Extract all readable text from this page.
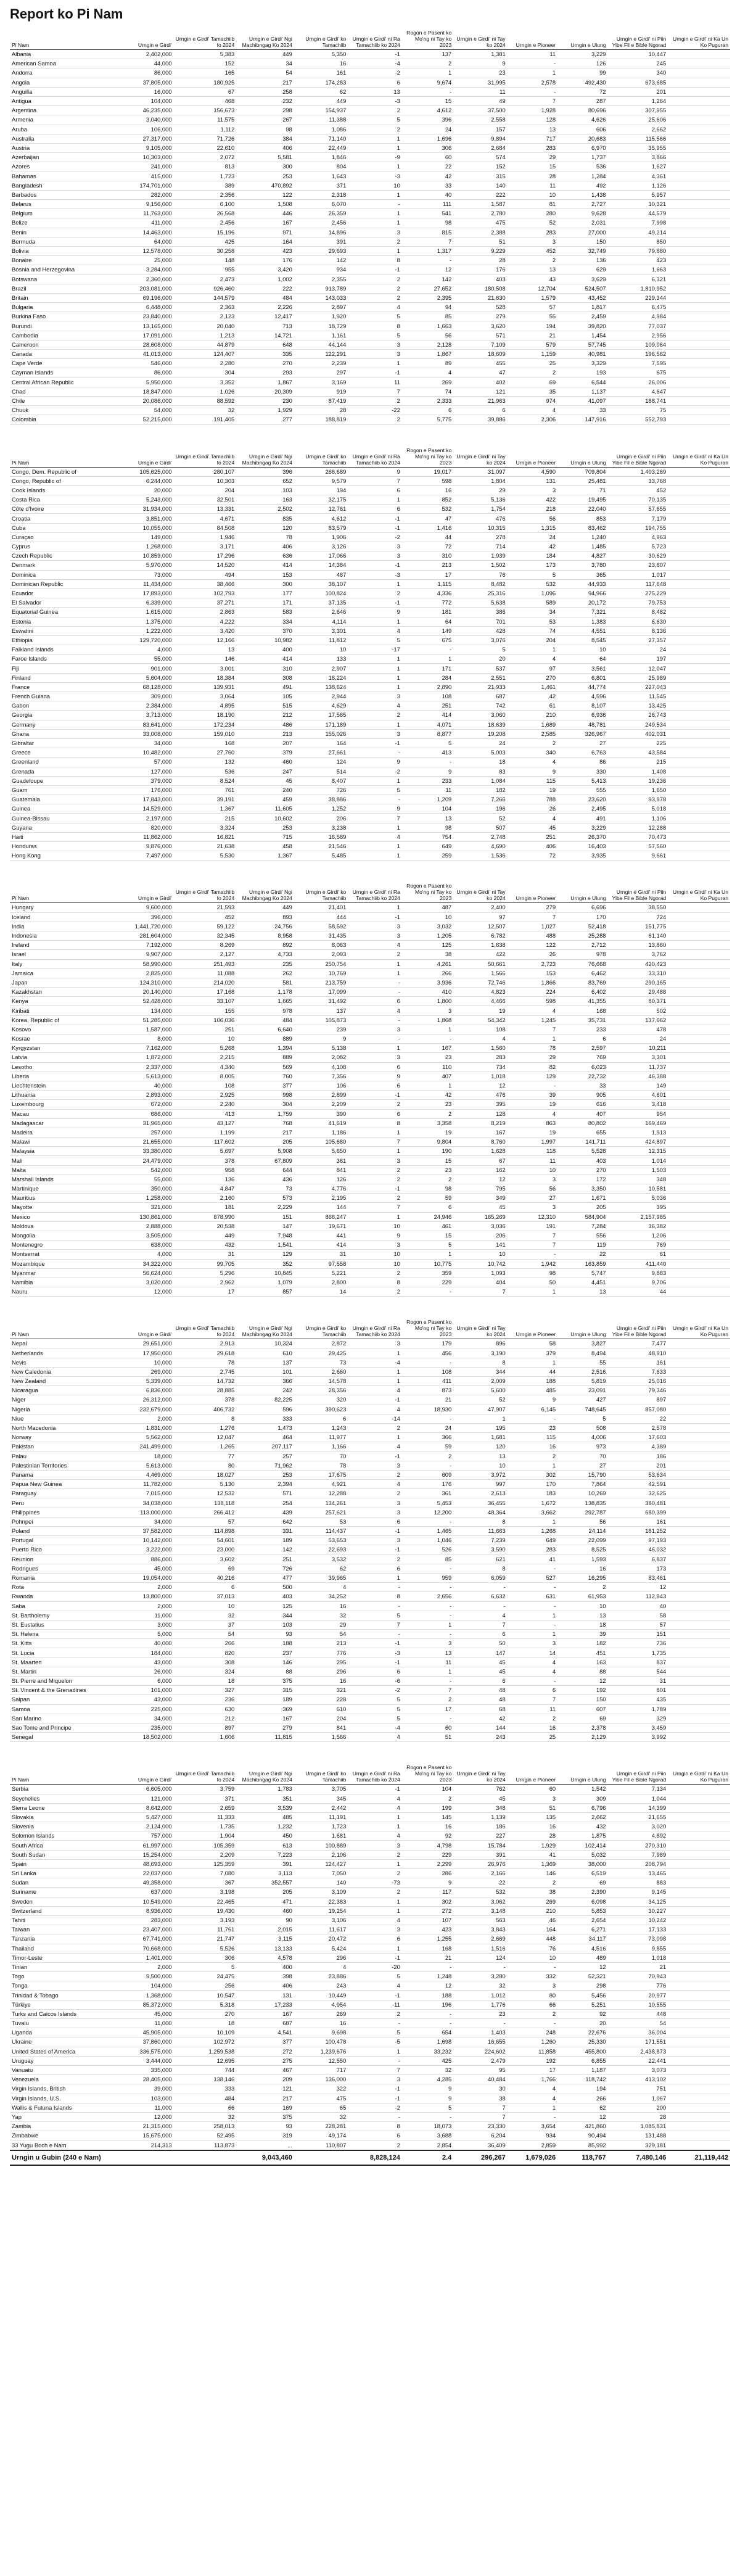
Report ko Pi Nam
Pi Nam	Urngin e Girdi'	Urngin e Girdi' Tamachiib fo 2024	Urngin e Girdi' Ngi Machibngag Ko 2024	Urngin e Girdi' ko Tamachiib	Urngin e Girdi' ni Ra Tamachiib ko 2024	Rogon e Pasent ko Mo'ng ni Tay ko 2023	Urngin e Girdi' ni Tay ko 2024	Urngin e Pioneer	Urngin e Ulung	Urngin e Girdi' ni Piin Yibe Fil e Bible Ngorad	Urngin e Girdi' ni Ka Un Ko Puguran
Albania	2,402,000	5,383	449	5,350	-1	137	1,381	11	3,229	10,447	
American Samoa	44,000	152	34	16	-4	2	9	-	126	245	
Andorra	86,000	165	54	161	-2	1	23	1	99	340	
Angola	37,805,000	180,925	217	174,283	6	9,674	31,995	2,578	492,430	673,685	
Anguilla	16,000	67	258	62	13	-	11	-	72	201	
Antigua	104,000	468	232	449	-3	15	49	7	287	1,264	
Argentina	46,235,000	156,673	298	154,937	2	4,612	37,500	1,928	80,696	307,955	
Armenia	3,040,000	11,575	267	11,388	5	396	2,558	128	4,626	25,606	
Aruba	106,000	1,112	98	1,086	2	24	157	13	606	2,662	
Australia	27,317,000	71,726	384	71,140	1	1,696	9,894	717	20,683	115,566	
Austria	9,105,000	22,610	406	22,449	1	306	2,684	283	6,970	35,955	
Azerbaijan	10,303,000	2,072	5,581	1,846	-9	60	574	29	1,737	3,866	
Azores	241,000	813	300	804	1	22	152	15	536	1,627	
Bahamas	415,000	1,723	253	1,643	-3	42	315	28	1,284	4,361	
Bangladesh	174,701,000	389	470,892	371	10	33	140	11	492	1,126	
Barbados	282,000	2,356	122	2,318	1	40	222	10	1,438	5,957	
Belarus	9,156,000	6,100	1,508	6,070	-	111	1,587	81	2,727	10,321	
Belgium	11,763,000	26,568	446	26,359	1	541	2,780	280	9,628	44,579	
Belize	411,000	2,456	167	2,456	1	98	475	52	2,031	7,998	
Benin	14,463,000	15,196	971	14,896	3	815	2,388	283	27,000	49,214	
Bermuda	64,000	425	164	391	2	7	51	3	150	850	
Bolivia	12,578,000	30,258	423	29,693	1	1,317	9,229	452	32,749	79,880	
Bonaire	25,000	148	176	142	8	-	28	2	136	423	
Bosnia and Herzegovina	3,284,000	955	3,420	934	-1	12	176	13	629	1,663	
Botswana	2,360,000	2,473	1,002	2,355	2	142	403	43	3,629	6,321	
Brazil	203,081,000	926,460	222	913,789	2	27,652	180,508	12,704	524,507	1,810,952	
Britain	69,196,000	144,579	484	143,033	2	2,395	21,630	1,579	43,452	229,344	
Bulgaria	6,448,000	2,363	2,226	2,897	4	94	528	57	1,817	6,475	
Burkina Faso	23,840,000	2,123	12,417	1,920	5	85	279	55	2,459	4,984	
Burundi	13,165,000	20,040	713	18,729	8	1,663	3,620	194	39,820	77,037	
Cambodia	17,091,000	1,213	14,721	1,161	5	56	571	21	1,454	2,956	
Cameroon	28,608,000	44,879	648	44,144	3	2,128	7,109	579	57,745	109,064	
Canada	41,013,000	124,407	335	122,291	3	1,867	18,609	1,159	40,981	196,562	
Cape Verde	546,000	2,280	270	2,239	1	89	455	25	3,329	7,595	
Cayman Islands	86,000	304	293	297	-1	4	47	2	193	675	
Central African Republic	5,950,000	3,352	1,867	3,169	11	269	402	69	6,544	26,006	
Chad	18,847,000	1,026	20,309	919	7	74	121	35	1,137	4,647	
Chile	20,086,000	88,592	230	87,419	2	2,333	21,963	974	41,097	188,741	
Chuuk	54,000	32	1,929	28	-22	6	6	4	33	75	
Colombia	52,215,000	191,405	277	188,819	2	5,775	39,886	2,306	147,916	552,793	

Pi Nam	Urngin e Girdi'	Urngin e Girdi' Tamachiib fo 2024	Urngin e Girdi' Ngi Machibngag Ko 2024	Urngin e Girdi' ko Tamachiib	Urngin e Girdi' ni Ra Tamachiib ko 2024	Rogon e Pasent ko Mo'ng ni Tay ko 2023	Urngin e Girdi' ni Tay ko 2024	Urngin e Pioneer	Urngin e Ulung	Urngin e Girdi' ni Piin Yibe Fil e Bible Ngorad	Urngin e Girdi' ni Ka Un Ko Puguran
Congo, Dem. Republic of	105,625,000	280,107	396	266,689	9	19,017	31,097	4,590	709,804	1,403,269	
Congo, Republic of	6,244,000	10,303	652	9,579	7	598	1,804	131	25,481	33,768	
Cook Islands	20,000	204	103	194	6	16	29	3	71	452	
Costa Rica	5,243,000	32,501	163	32,175	1	852	5,136	422	19,495	70,135	
Côte d'Ivoire	31,934,000	13,331	2,502	12,761	6	532	1,754	218	22,040	57,655	
Croatia	3,851,000	4,671	835	4,612	-1	47	476	56	853	7,179	
Cuba	10,055,000	84,508	120	83,579	-1	1,416	10,315	1,315	83,462	194,755	
Curaçao	149,000	1,946	78	1,906	-2	44	278	24	1,240	4,963	
Cyprus	1,268,000	3,171	406	3,126	3	72	714	42	1,485	5,723	
Czech Republic	10,859,000	17,296	636	17,066	3	310	1,939	184	4,827	30,629	
Denmark	5,970,000	14,520	414	14,384	-1	213	1,502	173	3,780	23,607	
Dominica	73,000	494	153	487	-3	17	76	5	365	1,017	
Dominican Republic	11,434,000	38,466	300	38,107	1	1,115	8,482	532	44,933	117,648	
Ecuador	17,893,000	102,793	177	100,824	2	4,336	25,316	1,096	94,966	275,229	
El Salvador	6,339,000	37,271	171	37,135	-1	772	5,638	589	20,172	79,753	
Equatorial Guinea	1,615,000	2,863	583	2,646	9	181	386	34	7,321	8,482	
Estonia	1,375,000	4,222	334	4,114	1	64	701	53	1,383	6,630	
Eswatini	1,222,000	3,420	370	3,301	4	149	428	74	4,551	8,136	
Ethiopia	129,720,000	12,166	10,982	11,812	5	675	3,076	204	8,545	27,357	
Falkland Islands	4,000	13	400	10	-17	-	5	1	10	24	
Faroe Islands	55,000	146	414	133	1	1	20	4	64	197	
Fiji	901,000	3,001	310	2,907	1	171	537	97	3,561	12,047	
Finland	5,604,000	18,384	308	18,224	1	284	2,551	270	6,801	25,989	
France	68,128,000	139,931	491	138,624	1	2,890	21,933	1,461	44,774	227,043	
French Guiana	309,000	3,064	105	2,944	3	108	687	42	4,596	11,545	
Gabon	2,384,000	4,895	515	4,629	4	251	742	61	8,107	13,425	
Georgia	3,713,000	18,190	212	17,565	2	414	3,060	210	6,936	26,743	
Germany	83,641,000	172,234	486	171,189	1	4,071	18,639	1,689	48,781	249,534	
Ghana	33,008,000	159,010	213	155,026	3	8,877	19,208	2,585	326,967	402,031	
Gibraltar	34,000	168	207	164	-1	5	24	2	27	225	
Greece	10,482,000	27,760	379	27,661	-	413	5,003	340	6,763	43,584	
Greenland	57,000	132	460	124	9	-	18	4	86	215	
Grenada	127,000	536	247	514	-2	9	83	9	330	1,408	
Guadeloupe	379,000	8,524	45	8,407	1	233	1,084	115	5,413	19,236	
Guam	176,000	761	240	726	5	11	182	19	555	1,650	
Guatemala	17,843,000	39,191	459	38,886	-	1,209	7,266	788	23,620	93,978	
Guinea	14,529,000	1,367	11,605	1,252	9	104	196	26	2,495	5,018	
Guinea-Bissau	2,197,000	215	10,602	206	7	13	52	4	491	1,106	
Guyana	820,000	3,324	253	3,238	1	98	507	45	3,229	12,288	
Haiti	11,862,000	16,821	715	16,589	4	754	2,748	251	26,370	70,473	
Honduras	9,876,000	21,638	458	21,546	1	649	4,690	406	16,403	57,560	
Hong Kong	7,497,000	5,530	1,367	5,485	1	259	1,536	72	3,935	9,661	

Pi Nam	Urngin e Girdi'	Urngin e Girdi' Tamachiib fo 2024	Urngin e Girdi' Ngi Machibngag Ko 2024	Urngin e Girdi' ko Tamachiib	Urngin e Girdi' ni Ra Tamachiib ko 2024	Rogon e Pasent ko Mo'ng ni Tay ko 2023	Urngin e Girdi' ni Tay ko 2024	Urngin e Pioneer	Urngin e Ulung	Urngin e Girdi' ni Piin Yibe Fil e Bible Ngorad	Urngin e Girdi' ni Ka Un Ko Puguran
Hungary	9,600,000	21,593	449	21,401	1	487	2,400	279	6,696	38,550	
Iceland	396,000	452	893	444	-1	10	97	7	170	724	
India	1,441,720,000	59,122	24,756	58,592	3	3,032	12,507	1,027	52,418	151,775	
Indonesia	281,604,000	32,345	8,958	31,435	3	1,205	6,782	488	25,288	61,140	
Ireland	7,192,000	8,269	892	8,063	4	125	1,638	122	2,712	13,860	
Israel	9,907,000	2,127	4,733	2,093	2	38	422	26	978	3,762	
Italy	58,990,000	251,493	235	250,754	1	4,261	50,661	2,723	76,668	420,423	
Jamaica	2,825,000	11,088	262	10,769	1	266	1,566	153	6,462	33,310	
Japan	124,310,000	214,020	581	213,759	-	3,936	72,746	1,866	83,769	290,165	
Kazakhstan	20,140,000	17,168	1,178	17,099	-	410	4,823	224	6,402	29,488	
Kenya	52,428,000	33,107	1,665	31,492	6	1,800	4,466	598	41,355	80,371	
Kiribati	134,000	155	978	137	4	3	19	4	168	502	
Korea, Republic of	51,285,000	106,036	484	105,873	-	1,868	54,342	1,245	35,731	137,662	
Kosovo	1,587,000	251	6,640	239	3	1	108	7	233	478	
Kosrae	8,000	10	889	9	-	-	4	1	6	24	
Kyrgyzstan	7,162,000	5,268	1,394	5,138	1	167	1,560	78	2,597	10,211	
Latvia	1,872,000	2,215	889	2,082	3	23	283	29	769	3,301	
Lesotho	2,337,000	4,340	569	4,108	6	110	734	82	6,023	11,737	
Liberia	5,613,000	8,005	760	7,356	9	407	1,018	129	22,732	46,388	
Liechtenstein	40,000	108	377	106	6	1	12	-	33	149	
Lithuania	2,893,000	2,925	998	2,899	-1	42	476	39	905	4,601	
Luxembourg	672,000	2,240	304	2,209	2	23	395	19	616	3,418	
Macau	686,000	413	1,759	390	6	2	128	4	407	954	
Madagascar	31,965,000	43,127	768	41,619	8	3,358	8,219	863	80,802	169,469	
Madeira	257,000	1,199	217	1,186	1	19	167	19	655	1,913	
Malawi	21,655,000	117,602	205	105,680	7	9,804	8,760	1,997	141,711	424,897	
Malaysia	33,380,000	5,697	5,908	5,650	1	190	1,628	118	5,528	12,315	
Mali	24,479,000	378	67,809	361	3	15	67	11	403	1,014	
Malta	542,000	958	644	841	2	23	162	10	270	1,503	
Marshall Islands	55,000	136	436	126	2	2	12	3	172	348	
Martinique	350,000	4,847	73	4,776	-1	98	795	56	3,350	10,581	
Mauritius	1,258,000	2,160	573	2,195	2	59	349	27	1,671	5,036	
Mayotte	321,000	181	2,229	144	7	6	45	3	205	395	
Mexico	130,861,000	878,990	151	866,247	1	24,946	165,269	12,310	584,904	2,157,985	
Moldova	2,888,000	20,538	147	19,671	10	461	3,036	191	7,284	36,382	
Mongolia	3,505,000	449	7,948	441	9	15	206	7	556	1,206	
Montenegro	638,000	432	1,541	414	3	5	141	7	119	769	
Montserrat	4,000	31	129	31	10	1	10	-	22	61	
Mozambique	34,322,000	99,705	352	97,558	10	10,775	10,742	1,942	163,859	411,440	
Myanmar	56,624,000	5,296	10,845	5,221	2	359	1,093	98	5,747	9,883	
Namibia	3,020,000	2,962	1,079	2,800	8	229	404	50	4,451	9,706	
Nauru	12,000	17	857	14	2	-	7	1	13	44	

Pi Nam	Urngin e Girdi'	Urngin e Girdi' Tamachiib fo 2024	Urngin e Girdi' Ngi Machibngag Ko 2024	Urngin e Girdi' ko Tamachiib	Urngin e Girdi' ni Ra Tamachiib ko 2024	Rogon e Pasent ko Mo'ng ni Tay ko 2023	Urngin e Girdi' ni Tay ko 2024	Urngin e Pioneer	Urngin e Ulung	Urngin e Girdi' ni Piin Yibe Fil e Bible Ngorad	Urngin e Girdi' ni Ka Un Ko Puguran
Nepal	29,651,000	2,913	10,324	2,872	3	179	896	58	3,827	7,477	
Netherlands	17,950,000	29,618	610	29,425	1	456	3,190	379	8,494	48,910	
Nevis	10,000	78	137	73	-4	-	8	1	55	161	
New Caledonia	269,000	2,745	101	2,660	1	108	344	44	2,516	7,633	
New Zealand	5,339,000	14,732	366	14,578	1	411	2,009	188	5,819	25,016	
Nicaragua	6,836,000	28,885	242	28,356	4	873	5,600	485	23,091	79,346	
Niger	26,312,000	378	82,225	320	-1	21	52	9	427	897	
Nigeria	232,679,000	406,732	596	390,623	4	18,930	47,907	6,145	748,645	857,080	
Niue	2,000	8	333	6	-14	-	1	-	5	22	
North Macedonia	1,831,000	1,276	1,473	1,243	2	24	195	23	508	2,578	
Norway	5,562,000	12,047	464	11,977	1	366	1,681	115	4,006	17,603	
Pakistan	241,499,000	1,265	207,117	1,166	4	59	120	16	973	4,389	
Palau	18,000	77	257	70	-1	2	13	2	70	186	
Palestinian Territories	5,613,000	80	71,962	78	3	-	10	1	27	201	
Panama	4,469,000	18,027	253	17,675	2	609	3,972	302	15,790	53,634	
Papua New Guinea	11,782,000	5,130	2,394	4,921	4	176	997	170	7,864	42,591	
Paraguay	7,015,000	12,532	571	12,288	2	361	2,613	183	10,269	32,625	
Peru	34,038,000	138,118	254	134,261	3	5,453	36,455	1,672	138,835	380,481	
Philippines	113,000,000	266,412	439	257,621	3	12,200	48,364	3,662	292,787	680,399	
Pohnpei	34,000	57	642	53	6	-	8	1	56	161	
Poland	37,582,000	114,898	331	114,437	-1	1,465	11,663	1,268	24,114	181,252	
Portugal	10,142,000	54,601	189	53,653	3	1,046	7,239	649	22,099	97,193	
Puerto Rico	3,222,000	23,000	142	22,693	-1	526	3,590	283	8,525	46,032	
Reunion	886,000	3,602	251	3,532	2	85	621	41	1,593	6,837	
Rodrigues	45,000	69	726	62	6	-	8	-	16	173	
Romania	19,054,000	40,216	477	39,965	1	959	6,059	527	16,295	83,461	
Rota	2,000	6	500	4	-	-	-	-	2	12	
Rwanda	13,800,000	37,013	403	34,252	8	2,656	6,632	631	61,953	112,843	
Saba	2,000	10	125	16	-	-	-	-	10	40	
St. Bartholemy	11,000	32	344	32	5	-	4	1	13	58	
St. Eustatius	3,000	37	103	29	7	1	7	-	18	57	
St. Helena	5,000	54	93	54	-	-	6	1	39	151	
St. Kitts	40,000	266	188	213	-1	3	50	3	182	736	
St. Lucia	184,000	820	237	776	-3	13	147	14	451	1,735	
St. Maarten	43,000	308	146	295	-1	11	45	4	163	837	
St. Martin	26,000	324	88	296	6	1	45	4	88	544	
St. Pierre and Miquelon	6,000	18	375	16	-6	-	6	-	12	31	
St. Vincent & the Grenadines	101,000	327	315	321	-2	7	48	6	192	801	
Saipan	43,000	236	189	228	5	2	48	7	150	435	
Samoa	225,000	630	369	610	5	17	68	11	607	1,789	
San Marino	34,000	212	167	204	5	-	42	2	69	329	
Sao Tome and Principe	235,000	897	279	841	-4	60	144	16	2,378	3,459	
Senegal	18,502,000	1,606	11,815	1,566	4	51	243	25	2,129	3,992	

Pi Nam	Urngin e Girdi'	Urngin e Girdi' Tamachiib fo 2024	Urngin e Girdi' Ngi Machibngag Ko 2024	Urngin e Girdi' ko Tamachiib	Urngin e Girdi' ni Ra Tamachiib ko 2024	Rogon e Pasent ko Mo'ng ni Tay ko 2023	Urngin e Girdi' ni Tay ko 2024	Urngin e Pioneer	Urngin e Ulung	Urngin e Girdi' ni Piin Yibe Fil e Bible Ngorad	Urngin e Girdi' ni Ka Un Ko Puguran
Serbia	6,605,000	3,759	1,783	3,705	-1	104	762	60	1,542	7,134	
Seychelles	121,000	371	351	345	4	2	45	3	309	1,044	
Sierra Leone	8,642,000	2,659	3,539	2,442	4	199	348	51	6,796	14,399	
Slovakia	5,427,000	11,333	485	11,191	1	145	1,139	135	2,662	21,655	
Slovenia	2,124,000	1,735	1,232	1,723	1	16	186	16	432	3,020	
Solomon Islands	757,000	1,904	450	1,681	4	92	227	28	1,875	4,892	
South Africa	61,997,000	105,359	613	100,889	3	4,798	15,784	1,929	102,414	270,310	
South Sudan	15,254,000	2,209	7,223	2,106	2	229	391	41	5,032	7,989	
Spain	48,693,000	125,359	391	124,427	1	2,299	26,976	1,369	38,000	208,794	
Sri Lanka	22,037,000	7,080	3,113	7,050	2	286	2,166	146	6,519	13,465	
Sudan	49,358,000	367	352,557	140	-73	9	22	2	69	883	
Suriname	637,000	3,198	205	3,109	2	117	532	38	2,390	9,145	
Sweden	10,549,000	22,465	471	22,383	1	302	3,062	269	6,098	34,125	
Switzerland	8,936,000	19,430	460	19,254	1	272	3,148	210	5,853	30,227	
Tahiti	283,000	3,193	90	3,106	4	107	563	46	2,654	10,242	
Taiwan	23,407,000	11,761	2,015	11,617	3	423	3,843	164	6,271	17,133	
Tanzania	67,741,000	21,747	3,115	20,472	6	1,255	2,669	448	34,117	73,098	
Thailand	70,668,000	5,526	13,133	5,424	1	168	1,516	76	4,516	9,855	
Timor-Leste	1,401,000	306	4,578	296	-1	21	124	10	489	1,018	
Tinian	2,000	5	400	4	-20	-	-	-	12	21	
Togo	9,500,000	24,475	398	23,886	5	1,248	3,280	332	52,321	70,943	
Tonga	104,000	256	406	243	4	12	32	3	298	776	
Trinidad & Tobago	1,368,000	10,547	131	10,449	-1	188	1,012	80	5,456	20,977	
Türkiye	85,372,000	5,318	17,233	4,954	-11	196	1,776	66	5,251	10,555	
Turks and Caicos Islands	45,000	270	167	269	2	-	23	2	92	448	
Tuvalu	11,000	18	687	16	-	-	-	-	20	54	
Uganda	45,905,000	10,109	4,541	9,698	5	654	1,403	248	22,676	36,004	
Ukraine	37,860,000	102,972	377	100,478	-5	1,698	16,655	1,260	25,330	171,551	
United States of America	336,575,000	1,259,538	272	1,239,676	1	33,232	224,602	11,858	455,800	2,438,873	
Uruguay	3,444,000	12,695	275	12,550	-	425	2,479	192	6,855	22,441	
Vanuatu	335,000	744	467	717	7	32	95	17	1,187	3,073	
Venezuela	28,405,000	138,146	209	136,000	3	4,285	40,484	1,766	118,742	413,102	
Virgin Islands, British	39,000	333	121	322	-1	9	30	4	194	751	
Virgin Islands, U.S.	103,000	484	217	475	-1	9	38	4	266	1,067	
Wallis & Futuna Islands	11,000	66	169	65	-2	5	7	1	62	200	
Yap	12,000	32	375	32	-	-	7	-	12	28	
Zambia	21,315,000	258,013	93	228,281	8	18,073	23,330	3,654	421,860	1,085,831	
Zimbabwe	15,675,000	52,495	319	49,174	6	3,688	6,204	934	90,494	131,488	
33 Yugu Boch e Nam	214,313	113,873	...	110,807	2	2,854	36,409	2,859	85,992	329,181	
Urngin u Gubin (240 e Nam)			9,043,460		8,828,124	2.4	296,267	1,679,026	118,767	7,480,146	21,119,442
